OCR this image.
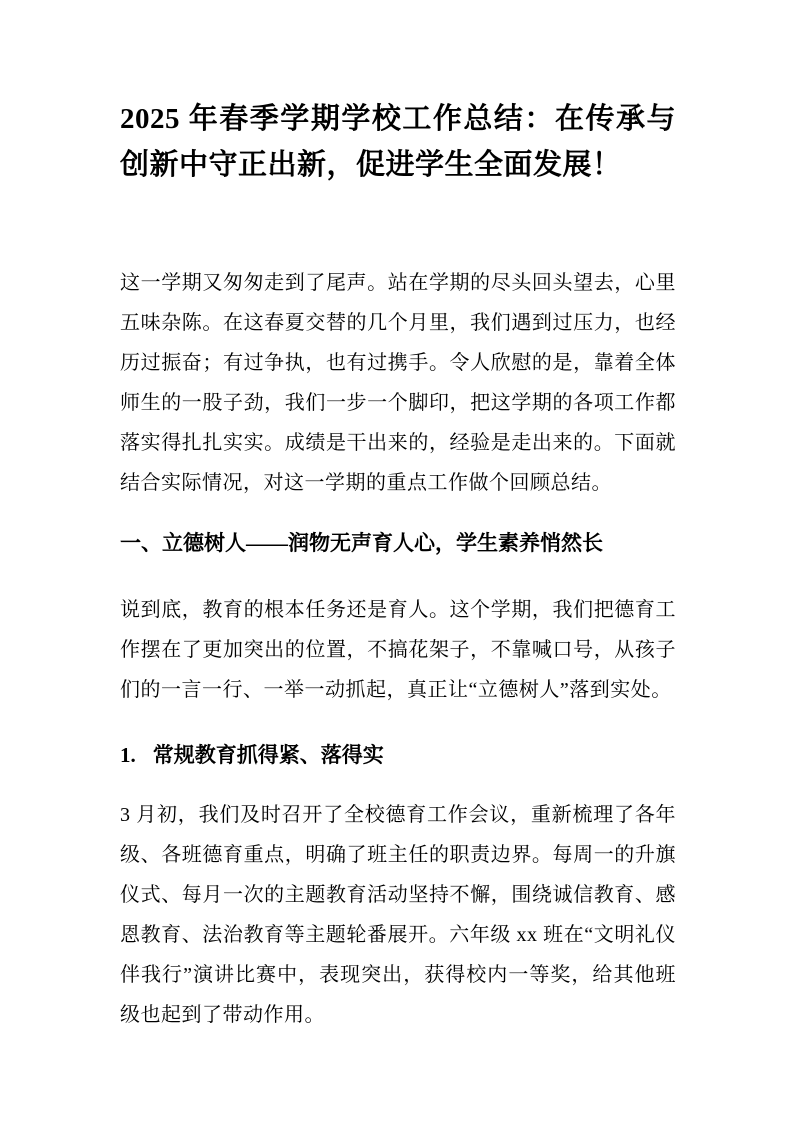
2025 年春季学期学校工作总结：在传承与创新中守正出新，促进学生全面发展！

这一学期又匆匆走到了尾声。站在学期的尽头回头望去，心里五味杂陈。在这春夏交替的几个月里，我们遇到过压力，也经历过振奋；有过争执，也有过携手。令人欣慰的是，靠着全体师生的一股子劲，我们一步一个脚印，把这学期的各项工作都落实得扎扎实实。成绩是干出来的，经验是走出来的。下面就结合实际情况，对这一学期的重点工作做个回顾总结。

一、立德树人——润物无声育人心，学生素养悄然长

说到底，教育的根本任务还是育人。这个学期，我们把德育工作摆在了更加突出的位置，不搞花架子，不靠喊口号，从孩子们的一言一行、一举一动抓起，真正让“立德树人”落到实处。

1. 常规教育抓得紧、落得实

3 月初，我们及时召开了全校德育工作会议，重新梳理了各年级、各班德育重点，明确了班主任的职责边界。每周一的升旗仪式、每月一次的主题教育活动坚持不懈，围绕诚信教育、感恩教育、法治教育等主题轮番展开。六年级 xx 班在“文明礼仪伴我行”演讲比赛中，表现突出，获得校内一等奖，给其他班级也起到了带动作用。
